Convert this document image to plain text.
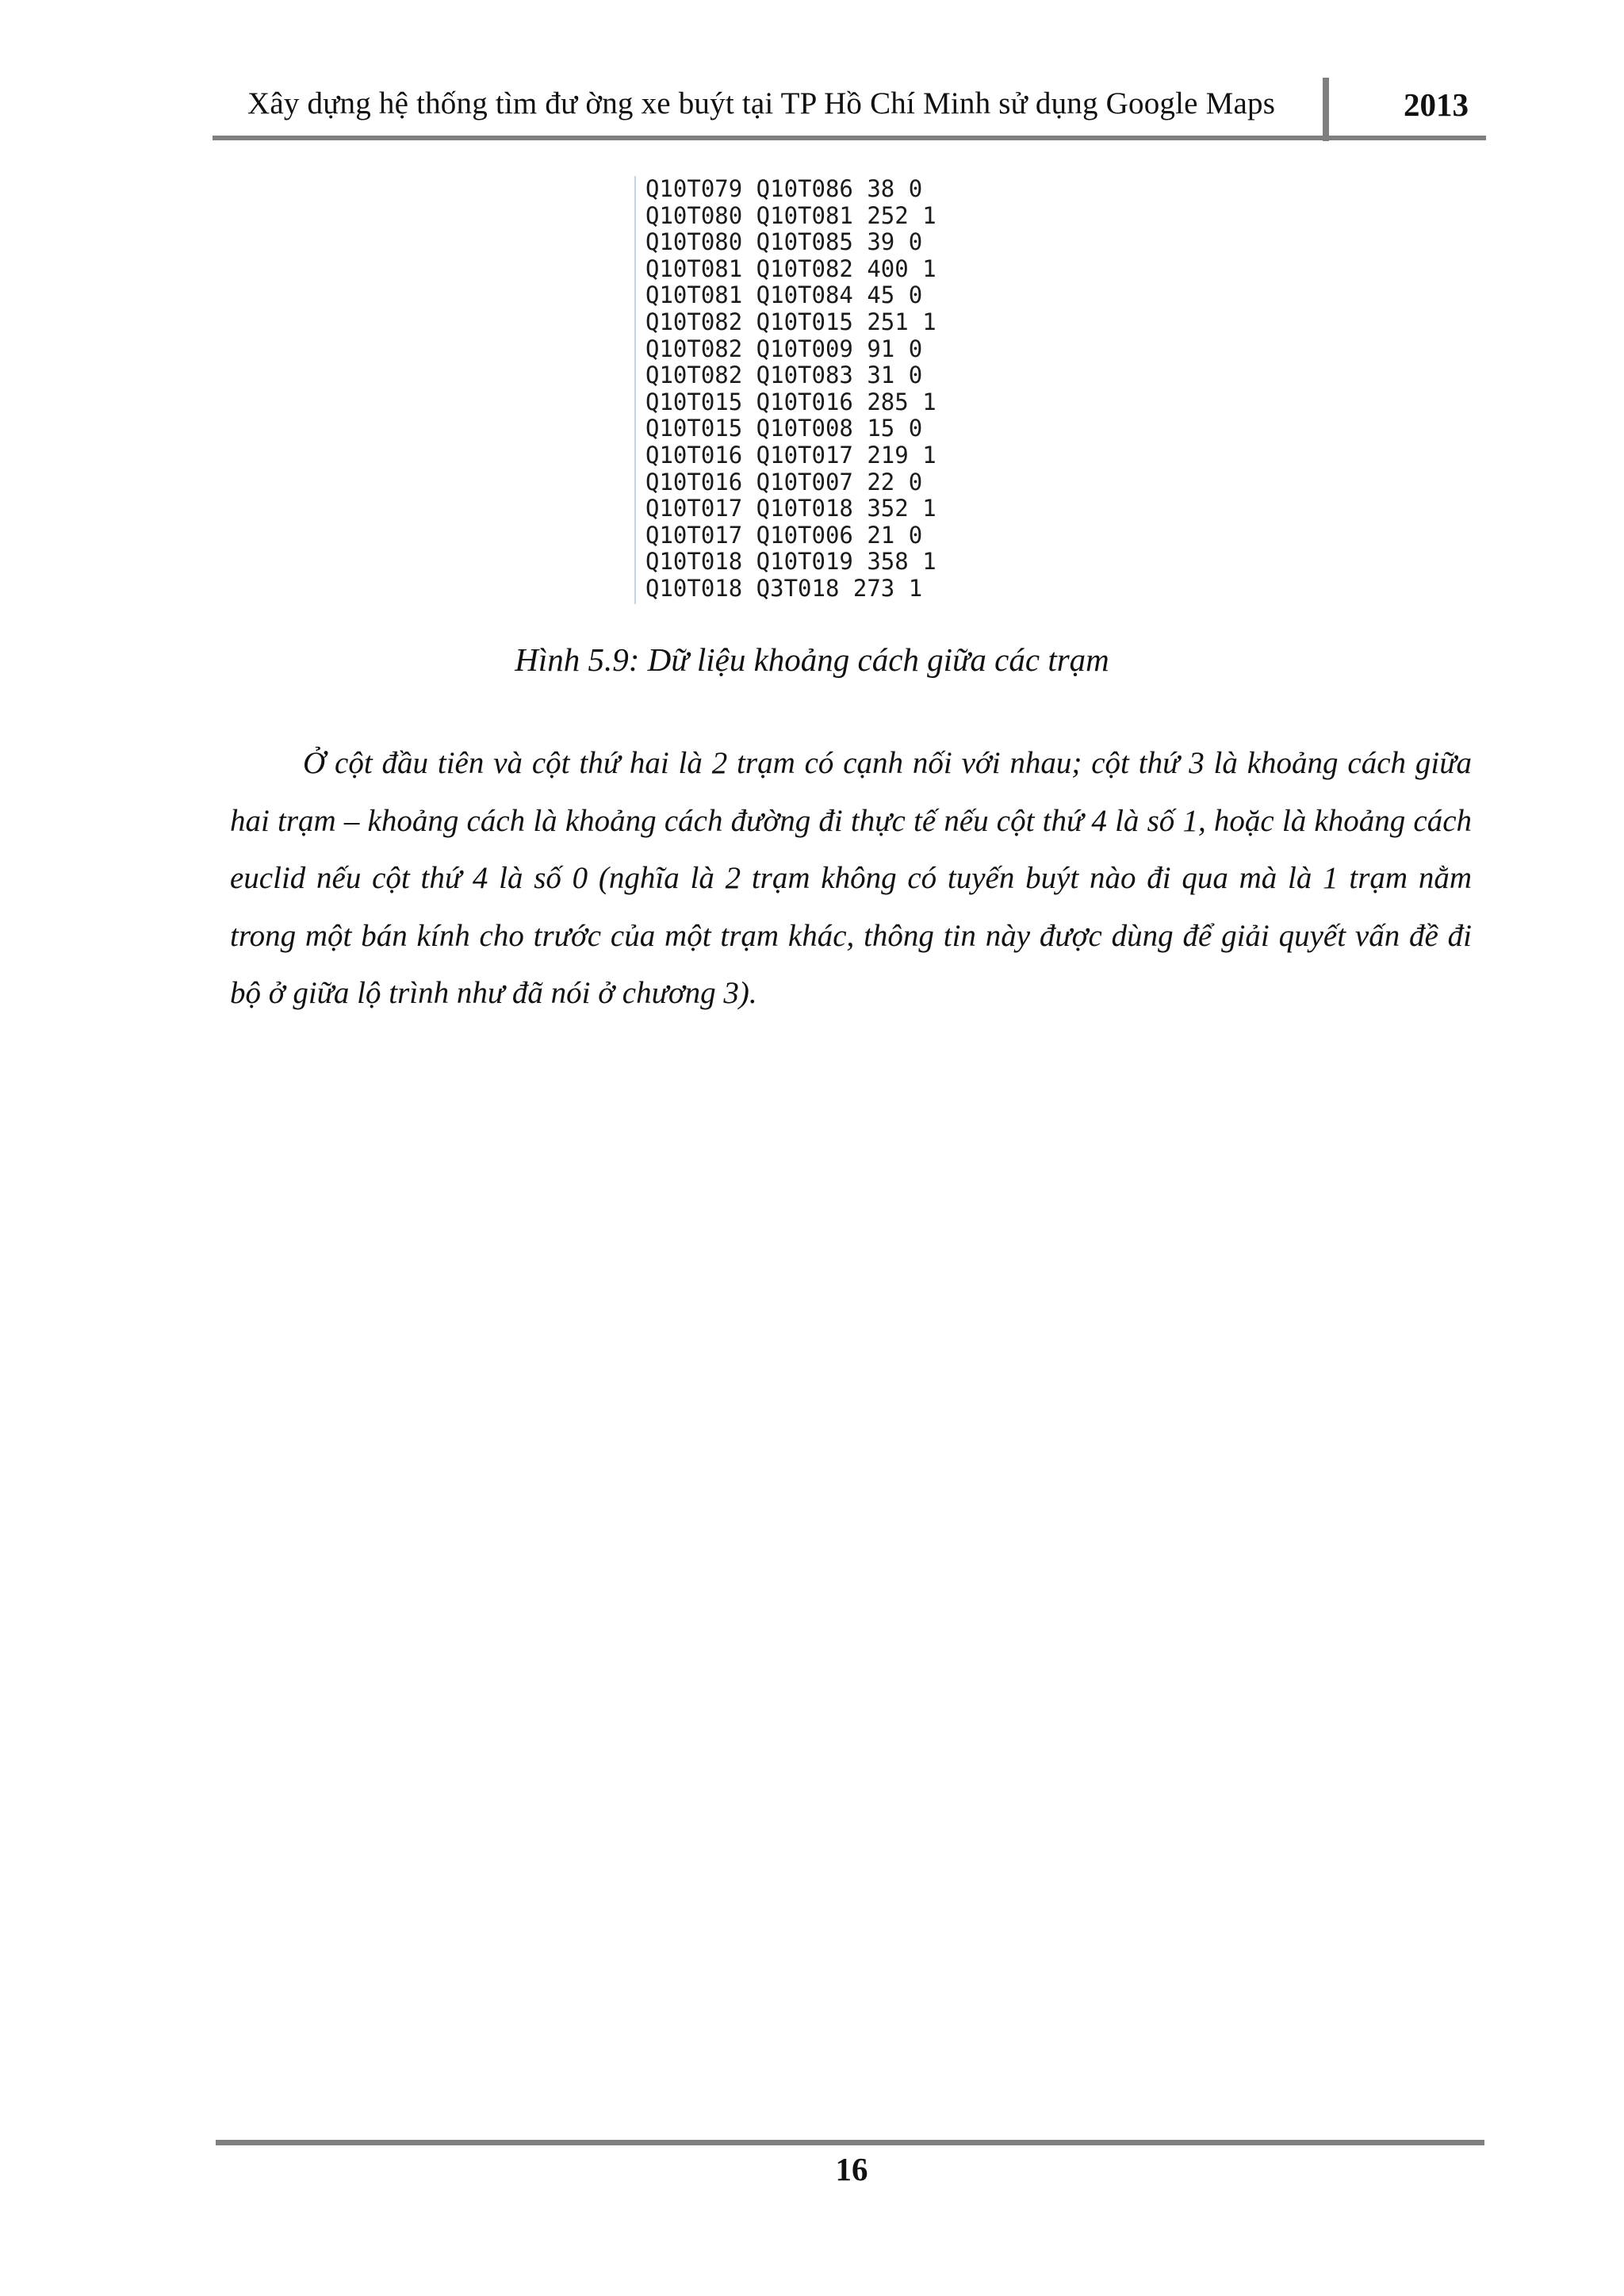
Xây dựng hệ thống tìm đư ờng xe buýt tại TP Hồ Chí Minh sử dụng Google Maps	2013
Q10T079 Q10T086 38 0
Q10T080 Q10T081 252 1
Q10T080 Q10T085 39 0
Q10T081 Q10T082 400 1
Q10T081 Q10T084 45 0
Q10T082 Q10T015 251 1
Q10T082 Q10T009 91 0
Q10T082 Q10T083 31 0
Q10T015 Q10T016 285 1
Q10T015 Q10T008 15 0
Q10T016 Q10T017 219 1
Q10T016 Q10T007 22 0
Q10T017 Q10T018 352 1
Q10T017 Q10T006 21 0
Q10T018 Q10T019 358 1
Q10T018 Q3T018 273 1
Hình 5.9: Dữ liệu khoảng cách giữa các trạm

Ở cột đầu tiên và cột thứ hai là 2 trạm có cạnh nối với nhau; cột thứ 3 là khoảng cách giữa hai trạm – khoảng cách là khoảng cách đường đi thực tế nếu cột thứ 4 là số 1, hoặc là khoảng cách euclid nếu cột thứ 4 là số 0 (nghĩa là 2 trạm không có tuyến buýt nào đi qua mà là 1 trạm nằm trong một bán kính cho trước của một trạm khác, thông tin này được dùng để giải quyết vấn đề đi bộ ở giữa lộ trình như đã nói ở chương 3).

16
